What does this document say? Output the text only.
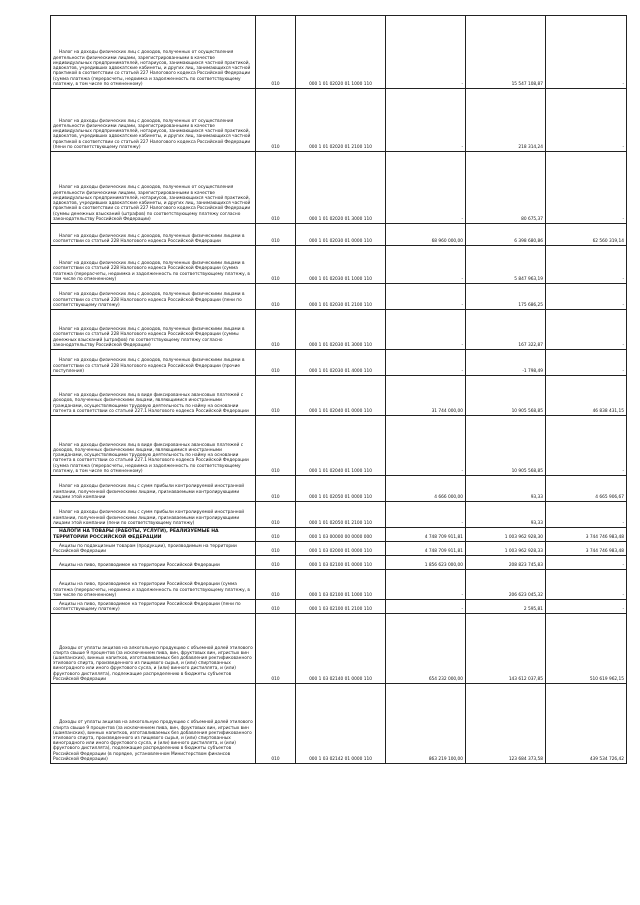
Налог на доходы физических лиц с доходов, полученных от осуществления деятельности физическими лицами, зарегистрированными в качестве индивидуальных предпринимателей, нотариусов, занимающихся частной практикой, адвокатов, учредивших адвокатские кабинеты, и других лиц, занимающихся частной практикой в соответствии со статьей 227 Налогового кодекса Российской Федерации (сумма платежа (перерасчеты, недоимка и задолженность по соответствующему платежу, в том числе по отмененному)	010	000 1 01 02020 01 1000 110	-	15 547 108,87	-
Налог на доходы физических лиц с доходов, полученных от осуществления деятельности физическими лицами, зарегистрированными в качестве индивидуальных предпринимателей, нотариусов, занимающихся частной практикой, адвокатов, учредивших адвокатские кабинеты, и других лиц, занимающихся частной практикой в соответствии со статьей 227 Налогового кодекса Российской Федерации (пени по соответствующему платежу)	010	000 1 01 02020 01 2100 110	-	218 314,24	-
Налог на доходы физических лиц с доходов, полученных от осуществления деятельности физическими лицами, зарегистрированными в качестве индивидуальных предпринимателей, нотариусов, занимающихся частной практикой, адвокатов, учредивших адвокатские кабинеты, и других лиц, занимающихся частной практикой в соответствии со статьей 227 Налогового кодекса Российской Федерации (суммы денежных взысканий (штрафов) по соответствующему платежу согласно законодательству Российской Федерации)	010	000 1 01 02020 01 3000 110	-	80 675,37	-
Налог на доходы физических лиц с доходов, полученных физическими лицами в соответствии со статьей 228 Налогового кодекса Российской Федерации	010	000 1 01 02030 01 0000 110	68 960 000,00	6 398 680,86	62 560 319,14
Налог на доходы физических лиц с доходов, полученных физическими лицами в соответствии со статьей 228 Налогового кодекса Российской Федерации (сумма платежа (перерасчеты, недоимка и задолженность по соответствующему платежу, в том числе по отмененному)	010	000 1 01 02030 01 1000 110	-	5 847 963,19	-
Налог на доходы физических лиц с доходов, полученных физическими лицами в соответствии со статьей 228 Налогового кодекса Российской Федерации (пени по соответствующему платежу)	010	000 1 01 02030 01 2100 110	-	175 686,25	-
Налог на доходы физических лиц с доходов, полученных физическими лицами в соответствии со статьей 228 Налогового кодекса Российской Федерации (суммы денежных взысканий (штрафов) по соответствующему платежу согласно законодательству Российской Федерации)	010	000 1 01 02030 01 3000 110	-	167 322,87	-
Налог на доходы физических лиц с доходов, полученных физическими лицами в соответствии со статьей 228 Налогового кодекса Российской Федерации (прочие поступления)	010	000 1 01 02030 01 4000 110	-	-1 798,49	-
Налог на доходы физических лиц в виде фиксированных авансовых платежей с доходов, полученных физическими лицами, являющимися иностранными гражданами, осуществляющими трудовую деятельность по найму на основании патента в соответствии со статьей 227.1 Налогового кодекса Российской Федерации	010	000 1 01 02040 01 0000 110	31 744 000,00	10 905 568,85	46 838 431,15
Налог на доходы физических лиц в виде фиксированных авансовых платежей с доходов, полученных физическими лицами, являющимися иностранными гражданами, осуществляющими трудовую деятельность по найму на основании патента в соответствии со статьей 227.1 Налогового кодекса Российской Федерации (сумма платежа (перерасчеты, недоимка и задолженность по соответствующему платежу, в том числе по отмененному)	010	000 1 01 02040 01 1000 110	-	10 905 568,85	-
Налог на доходы физических лиц с сумм прибыли контролируемой иностранной компании, полученной физическими лицами, признаваемыми контролирующими лицами этой компании	010	000 1 01 02050 01 0000 110	4 666 000,00	93,33	4 665 906,67
Налог на доходы физических лиц с сумм прибыли контролируемой иностранной компании, полученной физическими лицами, признаваемыми контролирующими лицами этой компании (пени по соответствующему платежу)	010	000 1 01 02050 01 2100 110	-	93,33	-
НАЛОГИ НА ТОВАРЫ (РАБОТЫ, УСЛУГИ), РЕАЛИЗУЕМЫЕ НА ТЕРРИТОРИИ РОССИЙСКОЙ ФЕДЕРАЦИИ	010	000 1 03 00000 00 0000 000	4 748 709 911,81	1 003 962 928,30	3 744 746 983,48
Акцизы по подакцизным товарам (продукции), производимым на территории Российской Федерации	010	000 1 03 02000 01 0000 110	4 748 709 911,81	1 003 962 928,33	3 744 746 983,48
Акцизы на пиво, производимое на территории Российской Федерации	010	000 1 03 02100 01 0000 110	1 856 623 000,00	208 823 745,83	-
Акцизы на пиво, производимое на территории Российской Федерации (сумма платежа (перерасчеты, недоимка и задолженность по соответствующему платежу, в том числе по отмененному)	010	000 1 03 02100 01 1000 110	-	206 623 045,32	-
Акцизы на пиво, производимое на территории Российской Федерации (пени по соответствующему платежу)	010	000 1 03 02100 01 2100 110	-	2 595,81	-
Доходы от уплаты акцизов на алкогольную продукцию с объемной долей этилового спирта свыше 9 процентов (за исключением пива, вин, фруктовых вин, игристых вин (шампанских), винных напитков, изготавливаемых без добавления ректификованного этилового спирта, произведенного из пищевого сырья, и (или) спиртованных виноградного или иного фруктового сусла, и (или) винного дистиллята, и (или) фруктового дистиллята), подлежащие распределению в бюджеты субъектов Российской Федерации	010	000 1 03 02140 01 0000 110	654 232 000,00	143 612 037,85	510 619 962,15
Доходы от уплаты акцизов на алкогольную продукцию с объемной долей этилового спирта свыше 9 процентов (за исключением пива, вин, фруктовых вин, игристых вин (шампанских), винных напитков, изготавливаемых без добавления ректификованного этилового спирта, произведенного из пищевого сырья, и (или) спиртованных виноградного или иного фруктового сусла, и (или) винного дистиллята, и (или) фруктового дистиллята), подлежащие распределению в бюджеты субъектов Российской Федерации (в порядке, установленном Министерством финансов Российской Федерации)	010	000 1 03 02142 01 0000 110	863 219 100,00	123 684 373,58	439 534 726,42
